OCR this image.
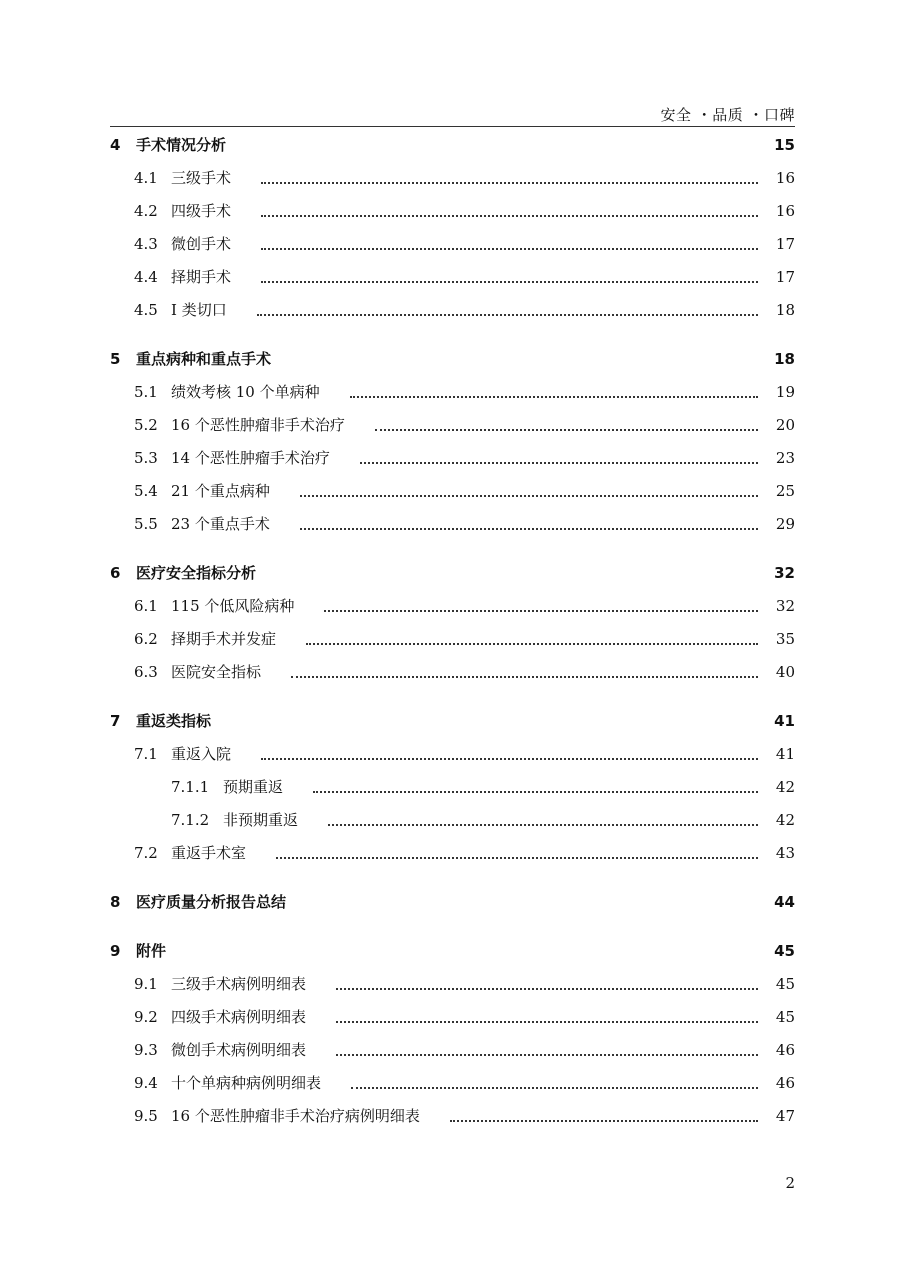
安全 ・品质 ・口碑
4	手术情况分析	15
4.1 三级手术	16
4.2 四级手术	16
4.3 微创手术	17
4.4 择期手术	17
4.5 I 类切口	18
5	重点病种和重点手术	18
5.1 绩效考核 10 个单病种	19
5.2 16 个恶性肿瘤非手术治疗	20
5.3 14 个恶性肿瘤手术治疗	23
5.4 21 个重点病种	25
5.5 23 个重点手术	29
6	医疗安全指标分析	32
6.1 115 个低风险病种	32
6.2 择期手术并发症	35
6.3 医院安全指标	40
7	重返类指标	41
7.1 重返入院	41
7.1.1 预期重返	42
7.1.2 非预期重返	42
7.2 重返手术室	43
8	医疗质量分析报告总结	44
9	附件	45
9.1 三级手术病例明细表	45
9.2 四级手术病例明细表	45
9.3 微创手术病例明细表	46
9.4 十个单病种病例明细表	46
9.5 16 个恶性肿瘤非手术治疗病例明细表	47
2
